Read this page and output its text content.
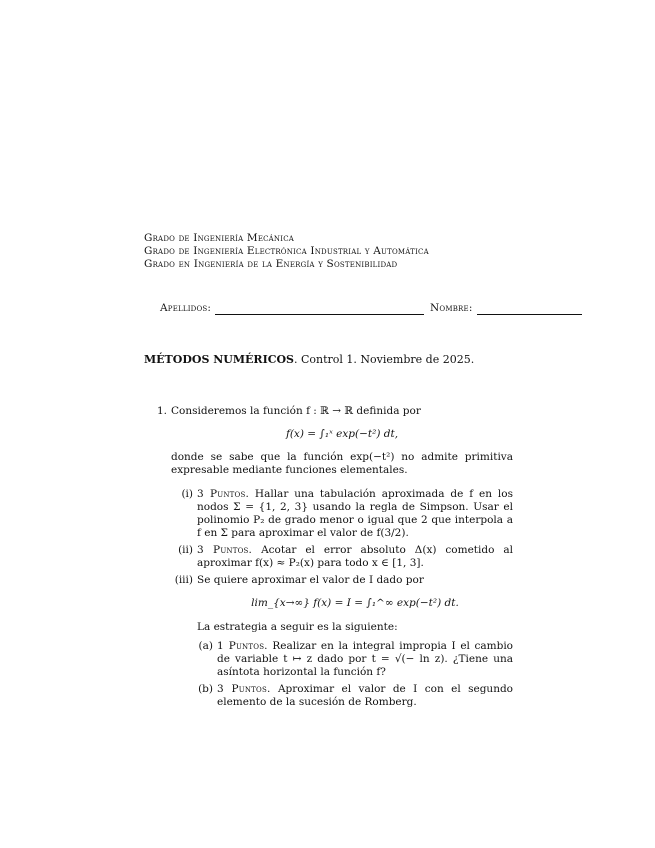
Grado de Ingeniería Mecánica
Grado de Ingeniería Electrónica Industrial y Automática
Grado en Ingeniería de la Energía y Sostenibilidad
Apellidos:	Nombre:
MÉTODOS NUMÉRICOS. Control 1. Noviembre de 2025.
1. Consideremos la función f : ℝ → ℝ definida por
f(x) = ∫₁ˣ exp(−t²) dt,
donde se sabe que la función exp(−t²) no admite primitiva expresable mediante funciones elementales.
(i) 3 Puntos. Hallar una tabulación aproximada de f en los nodos Σ = {1, 2, 3} usando la regla de Simpson. Usar el polinomio P₂ de grado menor o igual que 2 que interpola a f en Σ para aproximar el valor de f(3/2).
(ii) 3 Puntos. Acotar el error absoluto Δ(x) cometido al aproximar f(x) ≈ P₂(x) para todo x ∈ [1, 3].
(iii) Se quiere aproximar el valor de I dado por
lim_{x→∞} f(x) = I = ∫₁^∞ exp(−t²) dt.
La estrategia a seguir es la siguiente:
(a) 1 Puntos. Realizar en la integral impropia I el cambio de variable t ↦ z dado por t = √(− ln z). ¿Tiene una asíntota horizontal la función f?
(b) 3 Puntos. Aproximar el valor de I con el segundo elemento de la sucesión de Romberg.
